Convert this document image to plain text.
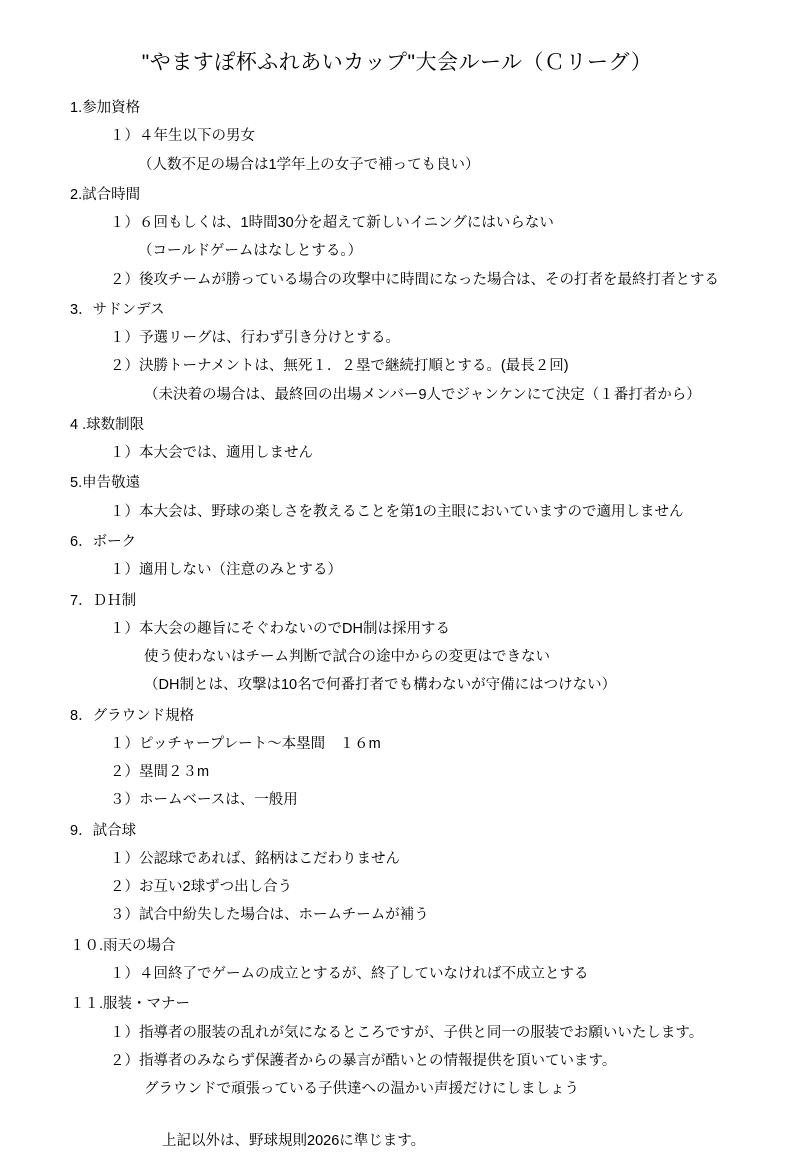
"やますぽ杯ふれあいカップ"大会ルール（Ｃリーグ）
1.参加資格
１）４年生以下の男女
（人数不足の場合は1学年上の女子で補っても良い）
2.試合時間
１）６回もしくは、1時間30分を超えて新しいイニングにはいらない
（コールドゲームはなしとする。）
２）後攻チームが勝っている場合の攻撃中に時間になった場合は、その打者を最終打者とする
3．サドンデス
１）予選リーグは、行わず引き分けとする。
２）決勝トーナメントは、無死１．２塁で継続打順とする。(最長２回)
（未決着の場合は、最終回の出場メンバー9人でジャンケンにて決定（１番打者から）
4 .球数制限
１）本大会では、適用しません
5.申告敬遠
１）本大会は、野球の楽しさを教えることを第1の主眼においていますので適用しません
6．ボーク
１）適用しない（注意のみとする）
7．ＤＨ制
１）本大会の趣旨にそぐわないのでDH制は採用する
使う使わないはチーム判断で試合の途中からの変更はできない
（DH制とは、攻撃は10名で何番打者でも構わないが守備にはつけない）
8．グラウンド規格
１）ピッチャープレート～本塁間　１６m
２）塁間２３m
３）ホームベースは、一般用
9．試合球
１）公認球であれば、銘柄はこだわりません
２）お互い2球ずつ出し合う
３）試合中紛失した場合は、ホームチームが補う
１０.雨天の場合
１）４回終了でゲームの成立とするが、終了していなければ不成立とする
１１.服装・マナー
１）指導者の服装の乱れが気になるところですが、子供と同一の服装でお願いいたします。
２）指導者のみならず保護者からの暴言が酷いとの情報提供を頂いています。
グラウンドで頑張っている子供達への温かい声援だけにしましょう
上記以外は、野球規則2026に準じます。
